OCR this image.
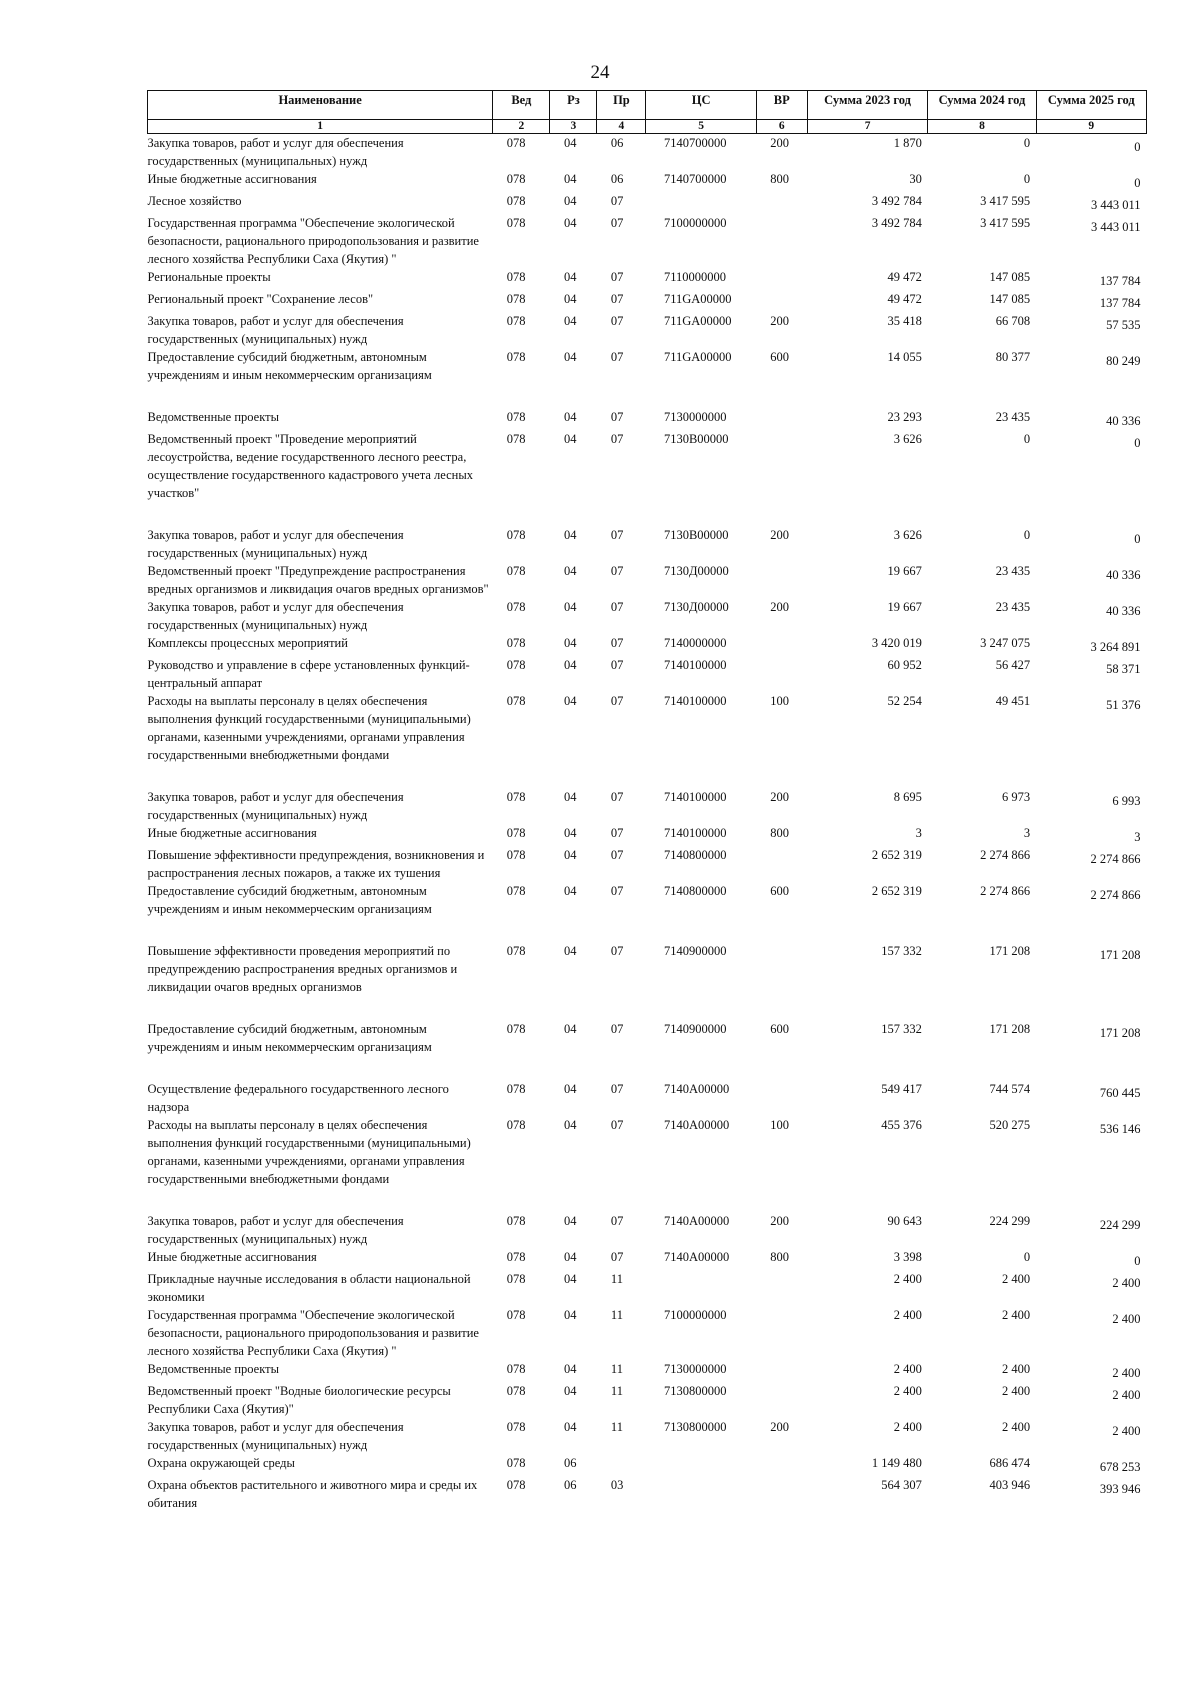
24
Наименование	Вед	Рз	Пр	ЦС	ВР	Сумма 2023 год	Сумма 2024 год	Сумма 2025 год
1	2	3	4	5	6	7	8	9
Закупка товаров, работ и услуг для обеспечения государственных (муниципальных) нужд	078	04	06	7140700000	200	1 870	0	0
Иные бюджетные ассигнования	078	04	06	7140700000	800	30	0	0
Лесное хозяйство	078	04	07			3 492 784	3 417 595	3 443 011
Государственная программа "Обеспечение экологической безопасности, рационального природопользования и развитие лесного хозяйства Республики Саха (Якутия) "	078	04	07	7100000000		3 492 784	3 417 595	3 443 011
Региональные проекты	078	04	07	7110000000		49 472	147 085	137 784
Региональный проект "Сохранение лесов"	078	04	07	711GA00000		49 472	147 085	137 784
Закупка товаров, работ и услуг для обеспечения государственных (муниципальных) нужд	078	04	07	711GA00000	200	35 418	66 708	57 535
Предоставление субсидий бюджетным, автономным учреждениям и иным некоммерческим организациям	078	04	07	711GA00000	600	14 055	80 377	80 249

Ведомственные проекты	078	04	07	7130000000		23 293	23 435	40 336
Ведомственный проект "Проведение мероприятий лесоустройства, ведение государственного лесного реестра, осуществление государственного кадастрового учета лесных участков"	078	04	07	7130В00000		3 626	0	0

Закупка товаров, работ и услуг для обеспечения государственных (муниципальных) нужд	078	04	07	7130В00000	200	3 626	0	0
Ведомственный проект "Предупреждение распространения вредных организмов и ликвидация очагов вредных организмов"	078	04	07	7130Д00000		19 667	23 435	40 336
Закупка товаров, работ и услуг для обеспечения государственных (муниципальных) нужд	078	04	07	7130Д00000	200	19 667	23 435	40 336
Комплексы процессных мероприятий	078	04	07	7140000000		3 420 019	3 247 075	3 264 891
Руководство и управление в сфере установленных функций-центральный аппарат	078	04	07	7140100000		60 952	56 427	58 371
Расходы на выплаты персоналу в целях обеспечения выполнения функций государственными (муниципальными) органами, казенными учреждениями, органами управления государственными внебюджетными фондами	078	04	07	7140100000	100	52 254	49 451	51 376

Закупка товаров, работ и услуг для обеспечения государственных (муниципальных) нужд	078	04	07	7140100000	200	8 695	6 973	6 993
Иные бюджетные ассигнования	078	04	07	7140100000	800	3	3	3
Повышение эффективности предупреждения, возникновения и распространения лесных пожаров, а также их тушения	078	04	07	7140800000		2 652 319	2 274 866	2 274 866
Предоставление субсидий бюджетным, автономным учреждениям и иным некоммерческим организациям	078	04	07	7140800000	600	2 652 319	2 274 866	2 274 866

Повышение эффективности проведения мероприятий по предупреждению распространения вредных организмов и ликвидации очагов вредных организмов	078	04	07	7140900000		157 332	171 208	171 208

Предоставление субсидий бюджетным, автономным учреждениям и иным некоммерческим организациям	078	04	07	7140900000	600	157 332	171 208	171 208

Осуществление федерального государственного лесного надзора	078	04	07	7140А00000		549 417	744 574	760 445
Расходы на выплаты персоналу в целях обеспечения выполнения функций государственными (муниципальными) органами, казенными учреждениями, органами управления государственными внебюджетными фондами	078	04	07	7140А00000	100	455 376	520 275	536 146

Закупка товаров, работ и услуг для обеспечения государственных (муниципальных) нужд	078	04	07	7140А00000	200	90 643	224 299	224 299
Иные бюджетные ассигнования	078	04	07	7140А00000	800	3 398	0	0
Прикладные научные исследования в области национальной экономики	078	04	11			2 400	2 400	2 400
Государственная программа "Обеспечение экологической безопасности, рационального природопользования и развитие лесного хозяйства Республики Саха (Якутия) "	078	04	11	7100000000		2 400	2 400	2 400
Ведомственные проекты	078	04	11	7130000000		2 400	2 400	2 400
Ведомственный проект "Водные биологические ресурсы Республики Саха (Якутия)"	078	04	11	7130800000		2 400	2 400	2 400
Закупка товаров, работ и услуг для обеспечения государственных (муниципальных) нужд	078	04	11	7130800000	200	2 400	2 400	2 400
Охрана окружающей среды	078	06				1 149 480	686 474	678 253
Охрана объектов растительного и животного мира и среды их обитания	078	06	03			564 307	403 946	393 946
